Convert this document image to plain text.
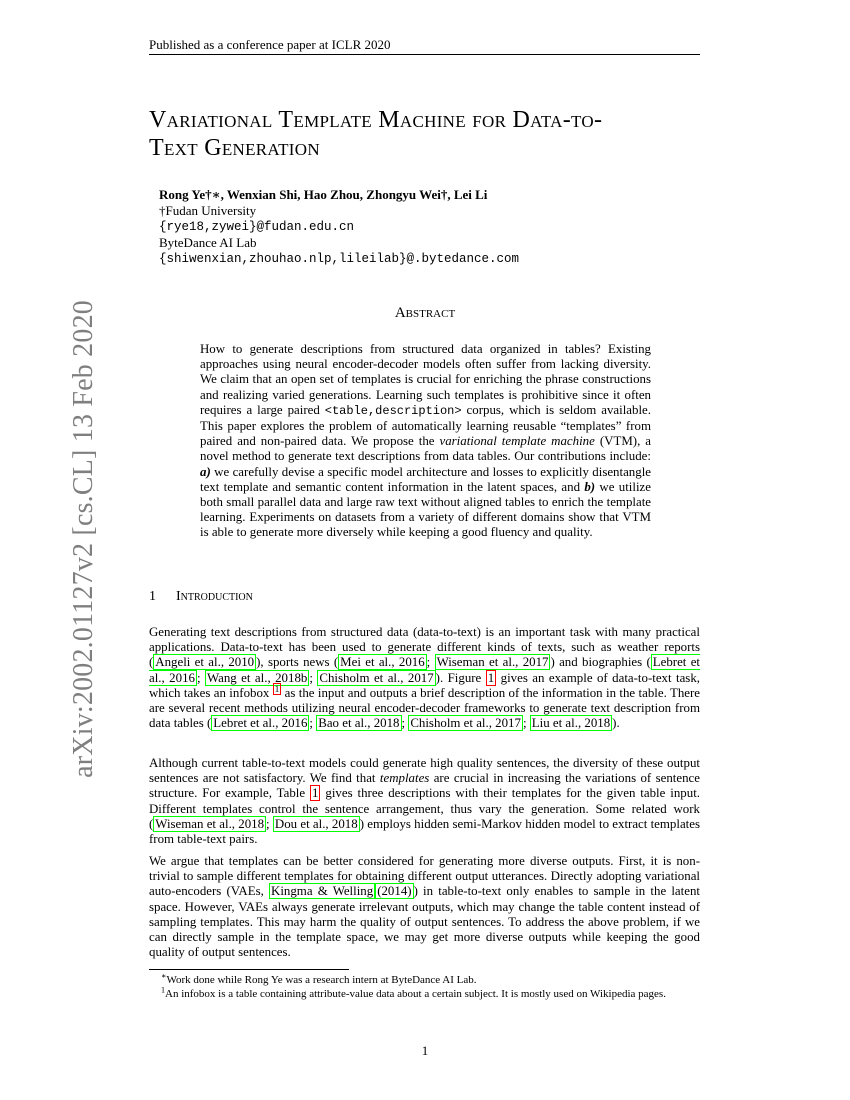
Published as a conference paper at ICLR 2020
Variational Template Machine for Data-to-
Text Generation
Rong Ye†∗, Wenxian Shi, Hao Zhou, Zhongyu Wei†, Lei Li
†Fudan University
{rye18,zywei}@fudan.edu.cn
ByteDance AI Lab
{shiwenxian,zhouhao.nlp,lileilab}@.bytedance.com
arXiv:2002.01127v2 [cs.CL] 13 Feb 2020	Abstract
How to generate descriptions from structured data organized in tables? Existing approaches using neural encoder-decoder models often suffer from lacking diversity. We claim that an open set of templates is crucial for enriching the phrase constructions and realizing varied generations. Learning such templates is prohibitive since it often requires a large paired <table,description> corpus, which is seldom available. This paper explores the problem of automatically learning reusable “templates” from paired and non-paired data. We propose the variational template machine (VTM), a novel method to generate text descriptions from data tables. Our contributions include: a) we carefully devise a specific model architecture and losses to explicitly disentangle text template and semantic content information in the latent spaces, and b) we utilize both small parallel data and large raw text without aligned tables to enrich the template learning. Experiments on datasets from a variety of different domains show that VTM is able to generate more diversely while keeping a good fluency and quality.
1 Introduction
Generating text descriptions from structured data (data-to-text) is an important task with many practical applications. Data-to-text has been used to generate different kinds of texts, such as weather reports ( Angeli et al., 2010 ), sports news ( Mei et al., 2016 ; Wiseman et al., 2017 ) and biographies ( Lebret et al., 2016 ; Wang et al., 2018b ; Chisholm et al., 2017 ). Figure 1 gives an example of data-to-text task, which takes an infobox $^1$ as the input and outputs a brief description of the information in the table. There are several recent methods utilizing neural encoder-decoder frameworks to generate text description from data tables ( Lebret et al., 2016 ; Bao et al., 2018 ; Chisholm et al., 2017 ; Liu et al., 2018 ).
Although current table-to-text models could generate high quality sentences, the diversity of these output sentences are not satisfactory. We find that templates are crucial in increasing the variations of sentence structure. For example, Table 1 gives three descriptions with their templates for the given table input. Different templates control the sentence arrangement, thus vary the generation. Some related work ( Wiseman et al., 2018 ; Dou et al., 2018 ) employs hidden semi-Markov hidden model to extract templates from table-text pairs.
We argue that templates can be better considered for generating more diverse outputs. First, it is non-trivial to sample different templates for obtaining different output utterances. Directly adopting variational auto-encoders (VAEs, Kingma & Welling (2014) ) in table-to-text only enables to sample in the latent space. However, VAEs always generate irrelevant outputs, which may change the table content instead of sampling templates. This may harm the quality of output sentences. To address the above problem, if we can directly sample in the template space, we may get more diverse outputs while keeping the good quality of output sentences.

∗Work done while Rong Ye was a research intern at ByteDance AI Lab.

$^1$An infobox is a table containing attribute-value data about a certain subject. It is mostly used on Wikipedia pages.

1
